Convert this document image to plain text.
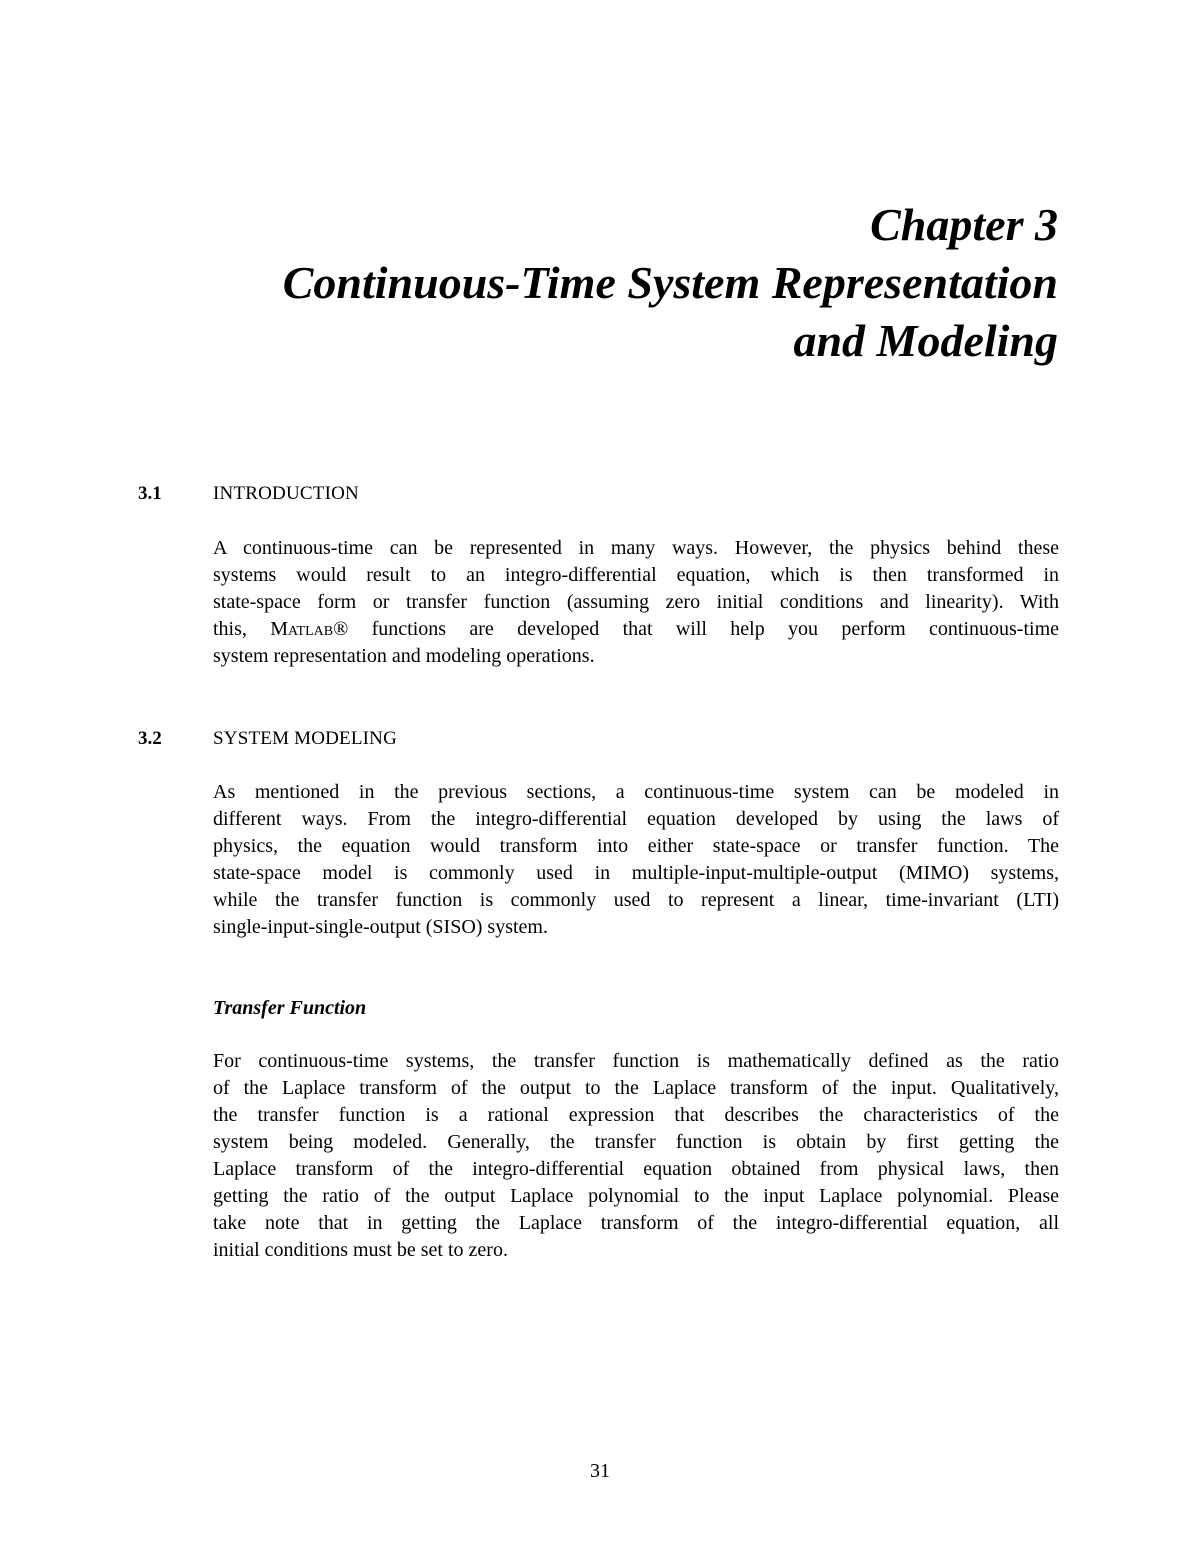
Chapter 3
Continuous-Time System Representation
and Modeling
3.1	INTRODUCTION
A continuous-time can be represented in many ways. However, the physics behind these
systems would result to an integro-differential equation, which is then transformed in
state-space form or transfer function (assuming zero initial conditions and linearity). With
this, Matlab® functions are developed that will help you perform continuous-time
system representation and modeling operations.
3.2	SYSTEM MODELING
As mentioned in the previous sections, a continuous-time system can be modeled in
different ways. From the integro-differential equation developed by using the laws of
physics, the equation would transform into either state-space or transfer function. The
state-space model is commonly used in multiple-input-multiple-output (MIMO) systems,
while the transfer function is commonly used to represent a linear, time-invariant (LTI)
single-input-single-output (SISO) system.
Transfer Function
For continuous-time systems, the transfer function is mathematically defined as the ratio
of the Laplace transform of the output to the Laplace transform of the input. Qualitatively,
the transfer function is a rational expression that describes the characteristics of the
system being modeled. Generally, the transfer function is obtain by first getting the
Laplace transform of the integro-differential equation obtained from physical laws, then
getting the ratio of the output Laplace polynomial to the input Laplace polynomial. Please
take note that in getting the Laplace transform of the integro-differential equation, all
initial conditions must be set to zero.
31
